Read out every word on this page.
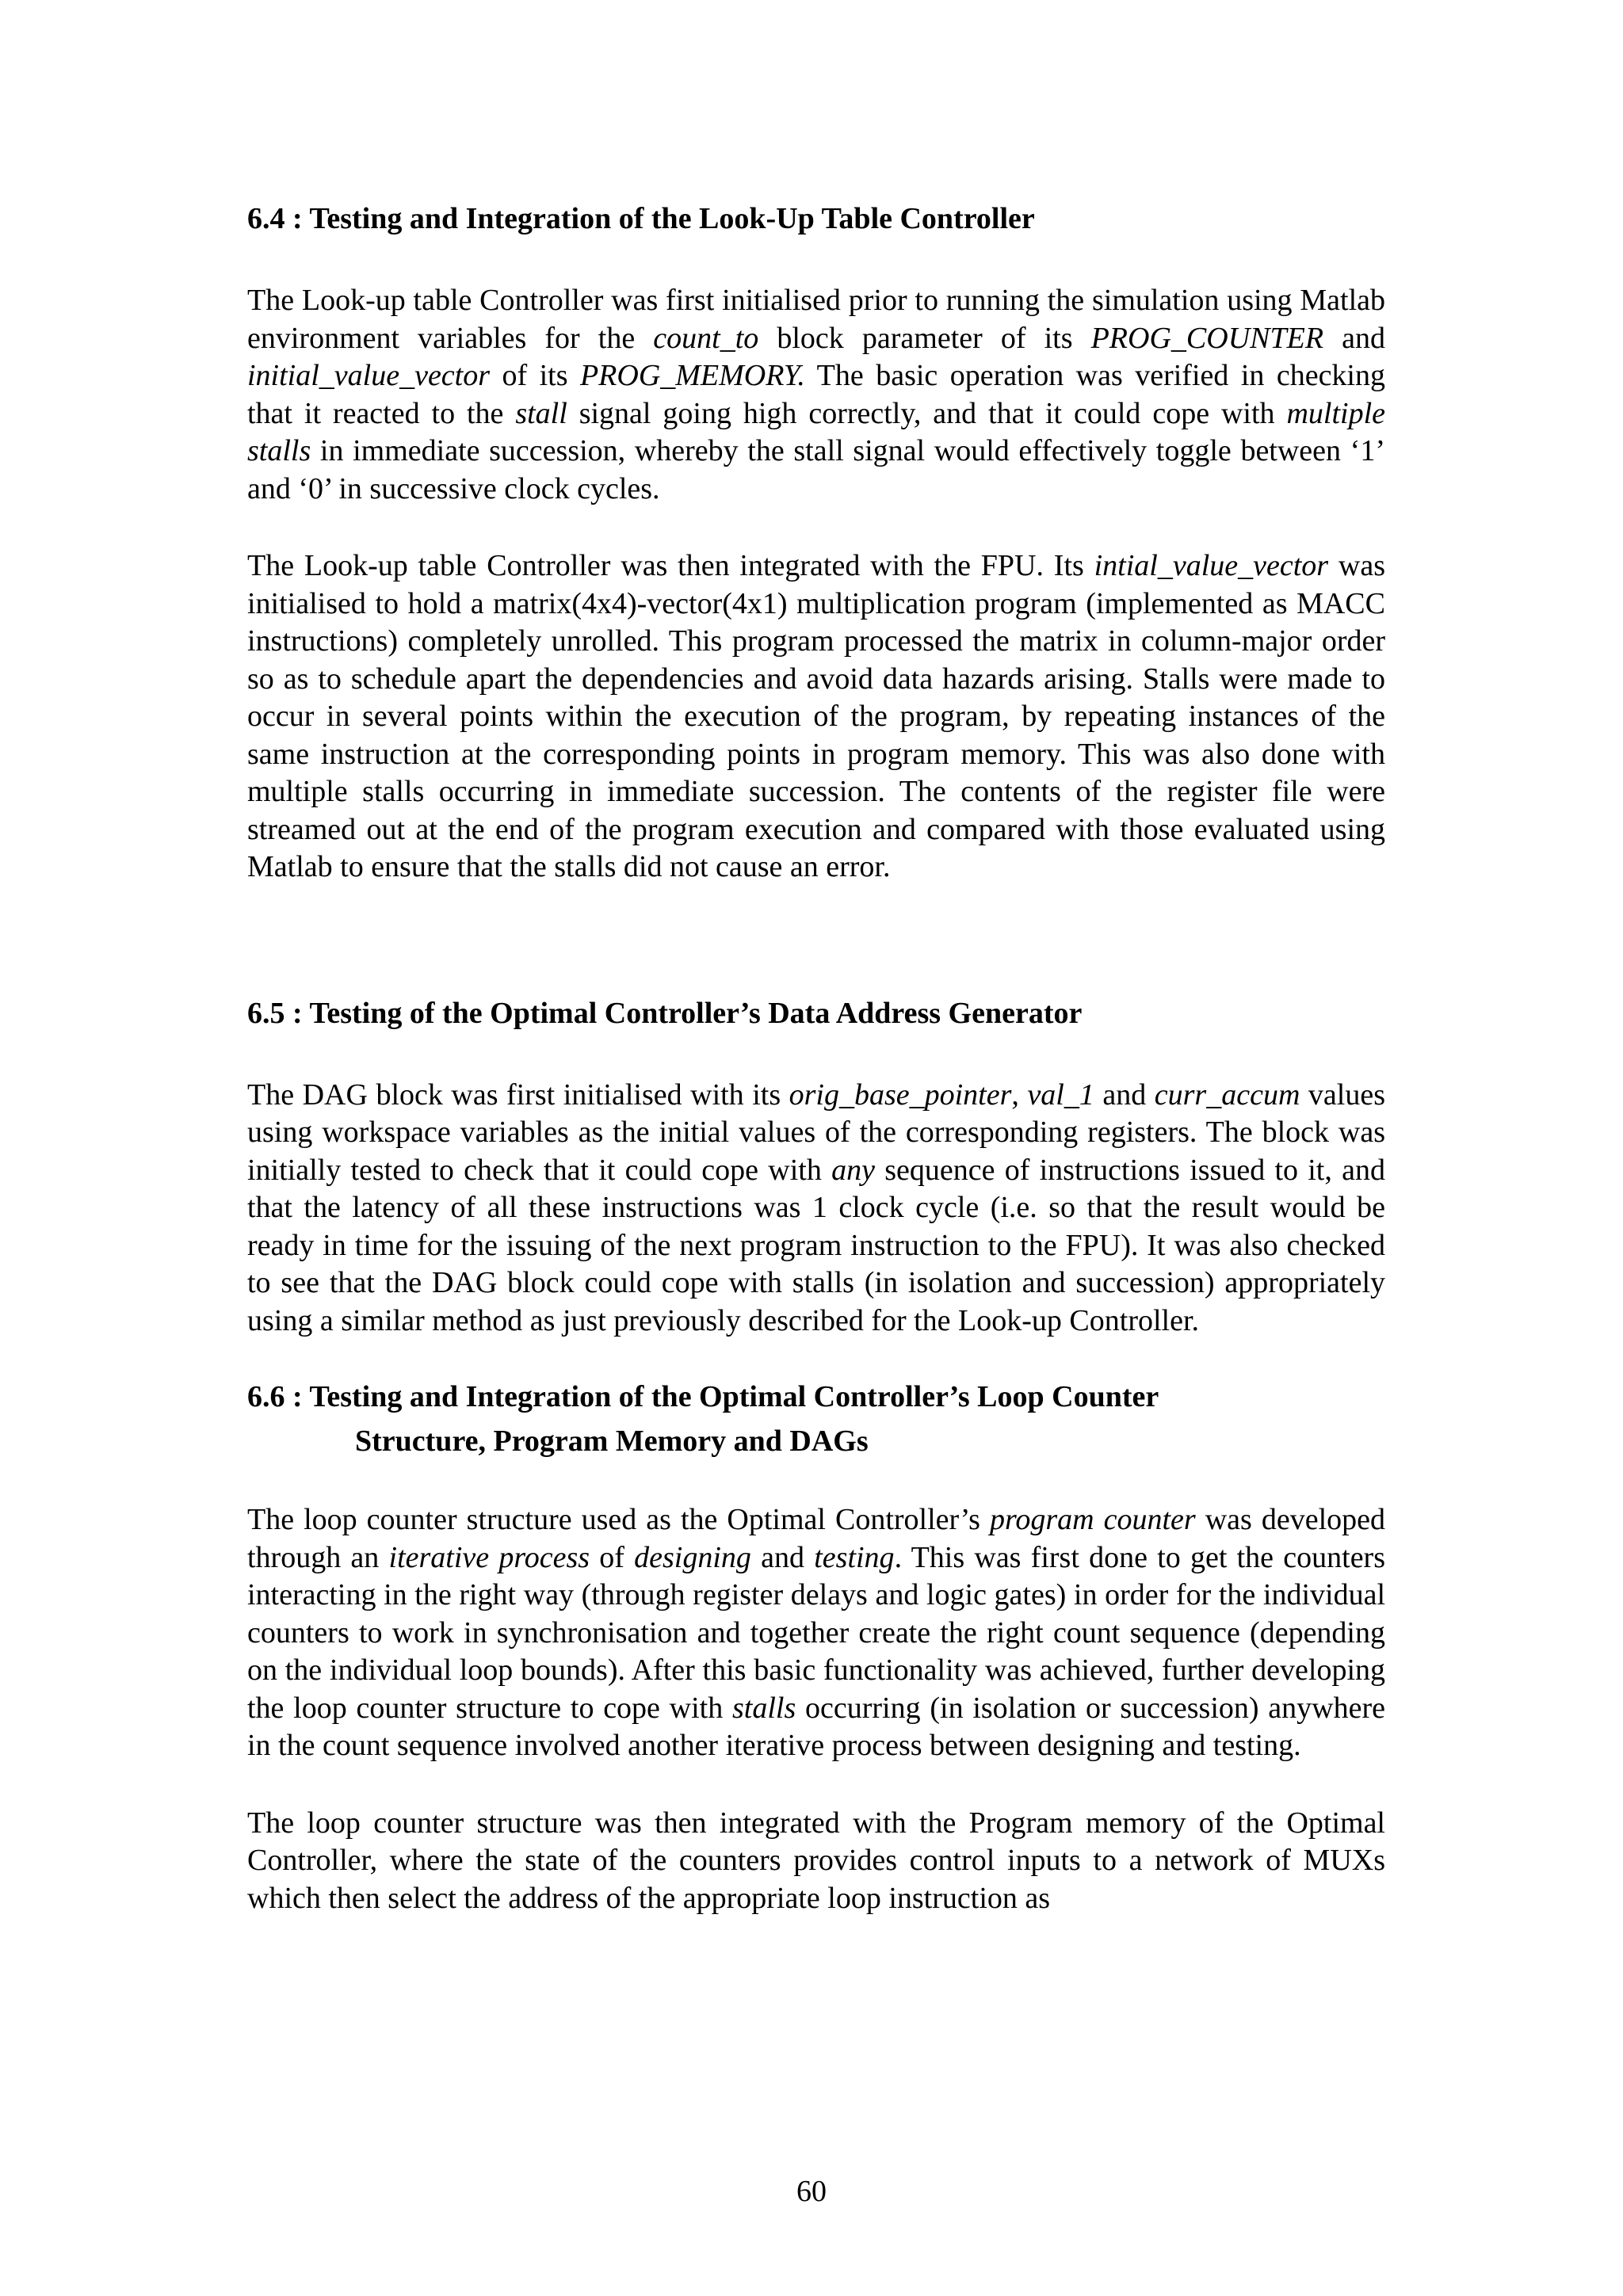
6.4 : Testing and Integration of the Look-Up Table Controller

The Look-up table Controller was first initialised prior to running the simulation using Matlab environment variables for the count_to block parameter of its PROG_COUNTER and initial_value_vector of its PROG_MEMORY. The basic operation was verified in checking that it reacted to the stall signal going high correctly, and that it could cope with multiple stalls in immediate succession, whereby the stall signal would effectively toggle between ‘1’ and ‘0’ in successive clock cycles.

The Look-up table Controller was then integrated with the FPU. Its intial_value_vector was initialised to hold a matrix(4x4)-vector(4x1) multiplication program (implemented as MACC instructions) completely unrolled. This program processed the matrix in column-major order so as to schedule apart the dependencies and avoid data hazards arising. Stalls were made to occur in several points within the execution of the program, by repeating instances of the same instruction at the corresponding points in program memory. This was also done with multiple stalls occurring in immediate succession. The contents of the register file were streamed out at the end of the program execution and compared with those evaluated using Matlab to ensure that the stalls did not cause an error.

6.5 : Testing of the Optimal Controller’s Data Address Generator

The DAG block was first initialised with its orig_base_pointer, val_1 and curr_accum values using workspace variables as the initial values of the corresponding registers. The block was initially tested to check that it could cope with any sequence of instructions issued to it, and that the latency of all these instructions was 1 clock cycle (i.e. so that the result would be ready in time for the issuing of the next program instruction to the FPU). It was also checked to see that the DAG block could cope with stalls (in isolation and succession) appropriately using a similar method as just previously described for the Look-up Controller.

6.6 : Testing and Integration of the Optimal Controller’s Loop Counter
Structure, Program Memory and DAGs

The loop counter structure used as the Optimal Controller’s program counter was developed through an iterative process of designing and testing. This was first done to get the counters interacting in the right way (through register delays and logic gates) in order for the individual counters to work in synchronisation and together create the right count sequence (depending on the individual loop bounds). After this basic functionality was achieved, further developing the loop counter structure to cope with stalls occurring (in isolation or succession) anywhere in the count sequence involved another iterative process between designing and testing.

The loop counter structure was then integrated with the Program memory of the Optimal Controller, where the state of the counters provides control inputs to a network of MUXs which then select the address of the appropriate loop instruction as

60
